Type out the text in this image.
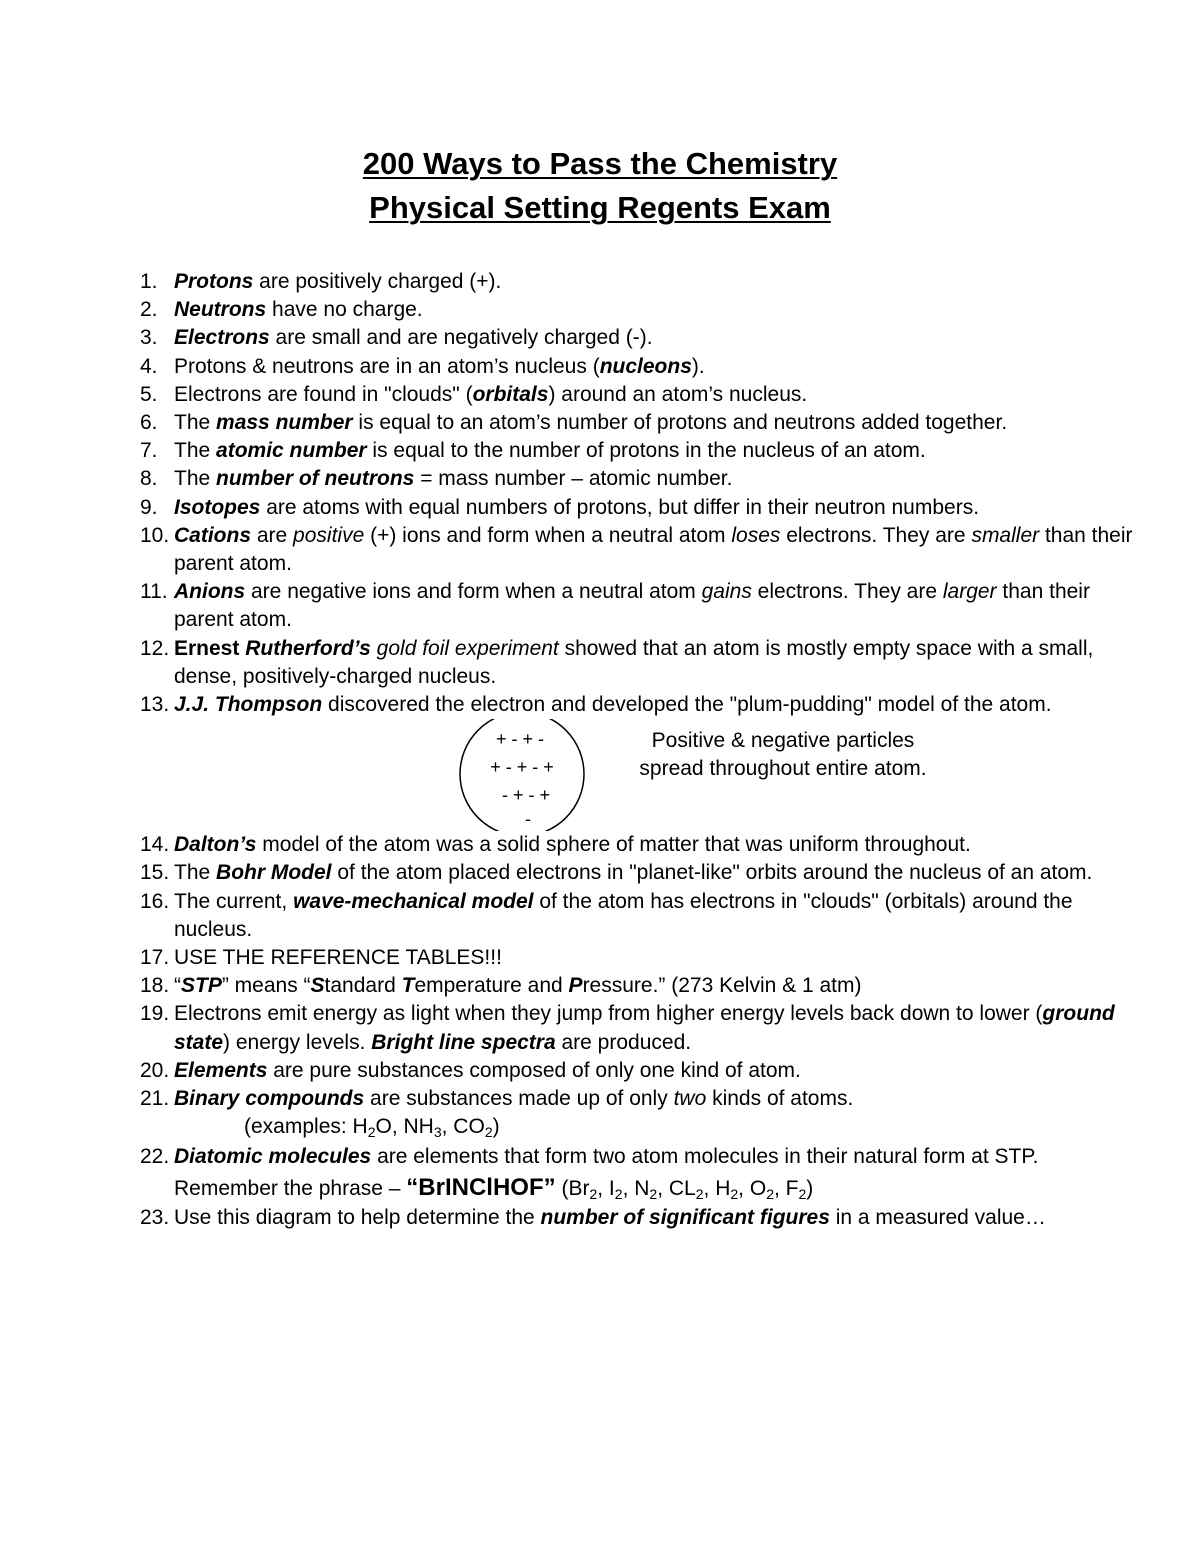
200 Ways to Pass the Chemistry
Physical Setting Regents Exam
1. Protons are positively charged (+).
2. Neutrons have no charge.
3. Electrons are small and are negatively charged (-).
4. Protons & neutrons are in an atom’s nucleus (nucleons).
5. Electrons are found in "clouds" (orbitals) around an atom’s nucleus.
6. The mass number is equal to an atom’s number of protons and neutrons added together.
7. The atomic number is equal to the number of protons in the nucleus of an atom.
8. The number of neutrons = mass number – atomic number.
9. Isotopes are atoms with equal numbers of protons, but differ in their neutron numbers.
10. Cations are positive (+) ions and form when a neutral atom loses electrons. They are smaller than their parent atom.
11. Anions are negative ions and form when a neutral atom gains electrons. They are larger than their parent atom.
12. Ernest Rutherford’s gold foil experiment showed that an atom is mostly empty space with a small, dense, positively-charged nucleus.
13. J.J. Thompson discovered the electron and developed the "plum-pudding" model of the atom.
+ - + -
+ - + - +
- + - +
-
Positive & negative particles spread throughout entire atom.
14. Dalton’s model of the atom was a solid sphere of matter that was uniform throughout.
15. The Bohr Model of the atom placed electrons in "planet-like" orbits around the nucleus of an atom.
16. The current, wave-mechanical model of the atom has electrons in "clouds" (orbitals) around the nucleus.
17. USE THE REFERENCE TABLES!!!
18. “STP” means “Standard Temperature and Pressure.” (273 Kelvin & 1 atm)
19. Electrons emit energy as light when they jump from higher energy levels back down to lower (ground state) energy levels. Bright line spectra are produced.
20. Elements are pure substances composed of only one kind of atom.
21. Binary compounds are substances made up of only two kinds of atoms.
(examples: $H_2O$, $NH_3$, $CO_2$)
22. Diatomic molecules are elements that form two atom molecules in their natural form at STP. Remember the phrase – “BrINClHOF” ($Br_2$, $I_2$, $N_2$, $CL_2$, $H_2$, $O_2$, $F_2$)
23. Use this diagram to help determine the number of significant figures in a measured value…
